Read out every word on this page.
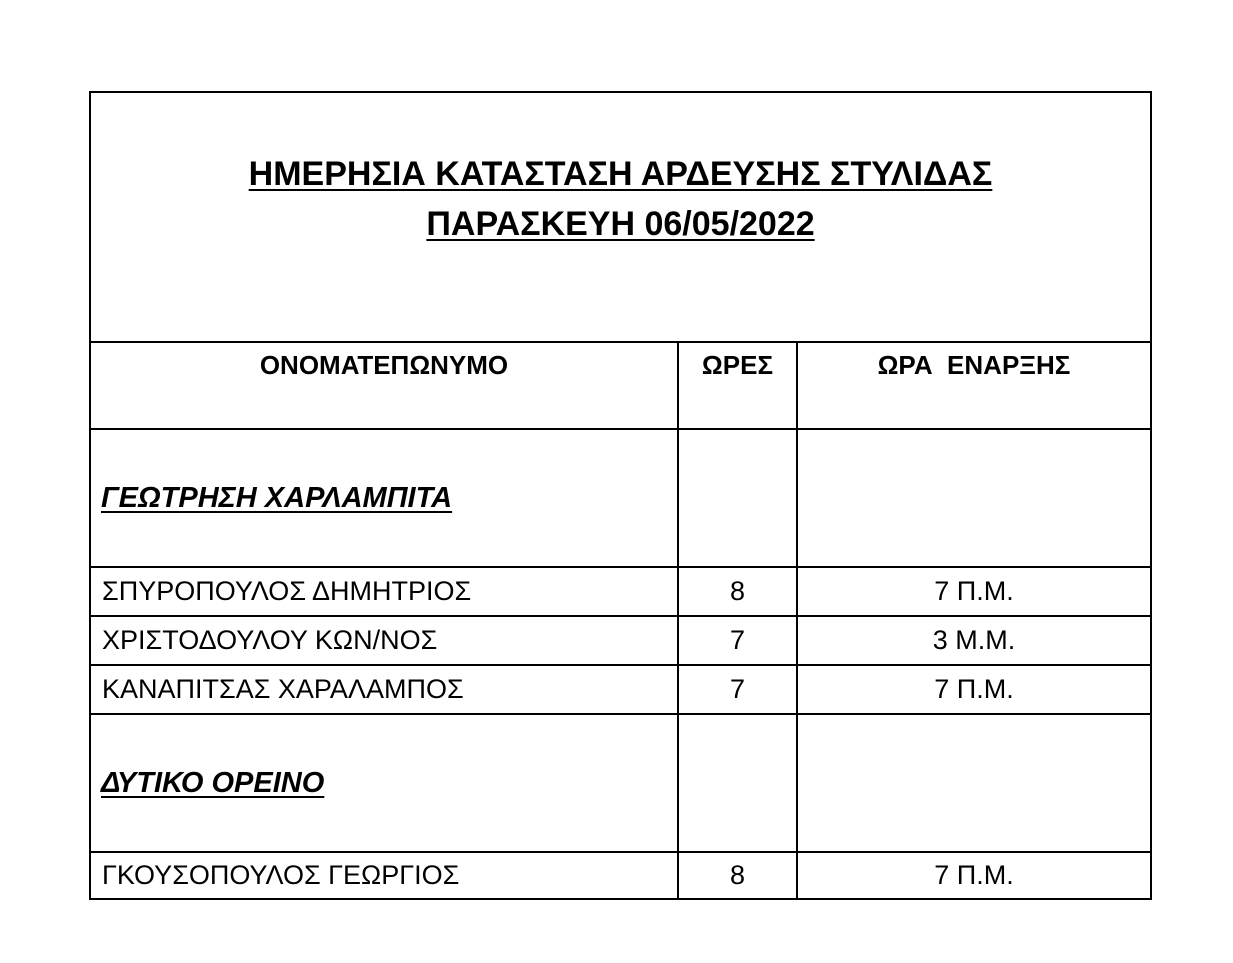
ΗΜΕΡΗΣΙΑ ΚΑΤΑΣΤΑΣΗ ΑΡΔΕΥΣΗΣ ΣΤΥΛΙΔΑΣ
ΠΑΡΑΣΚΕΥΗ 06/05/2022		

ΟΝΟΜΑΤΕΠΩΝΥΜΟ	ΩΡΕΣ	ΩΡΑ  ΕΝΑΡΞΗΣ
ΓΕΩΤΡΗΣΗ ΧΑΡΛΑΜΠΙΤΑ		
ΣΠΥΡΟΠΟΥΛΟΣ ΔΗΜΗΤΡΙΟΣ	8	7 Π.Μ.
ΧΡΙΣΤΟΔΟΥΛΟΥ ΚΩΝ/ΝΟΣ	7	3 Μ.Μ.
ΚΑΝΑΠΙΤΣΑΣ ΧΑΡΑΛΑΜΠΟΣ	7	7 Π.Μ.
ΔΥΤΙΚΟ ΟΡΕΙΝΟ		
ΓΚΟΥΣΟΠΟΥΛΟΣ ΓΕΩΡΓΙΟΣ	8	7 Π.Μ.
